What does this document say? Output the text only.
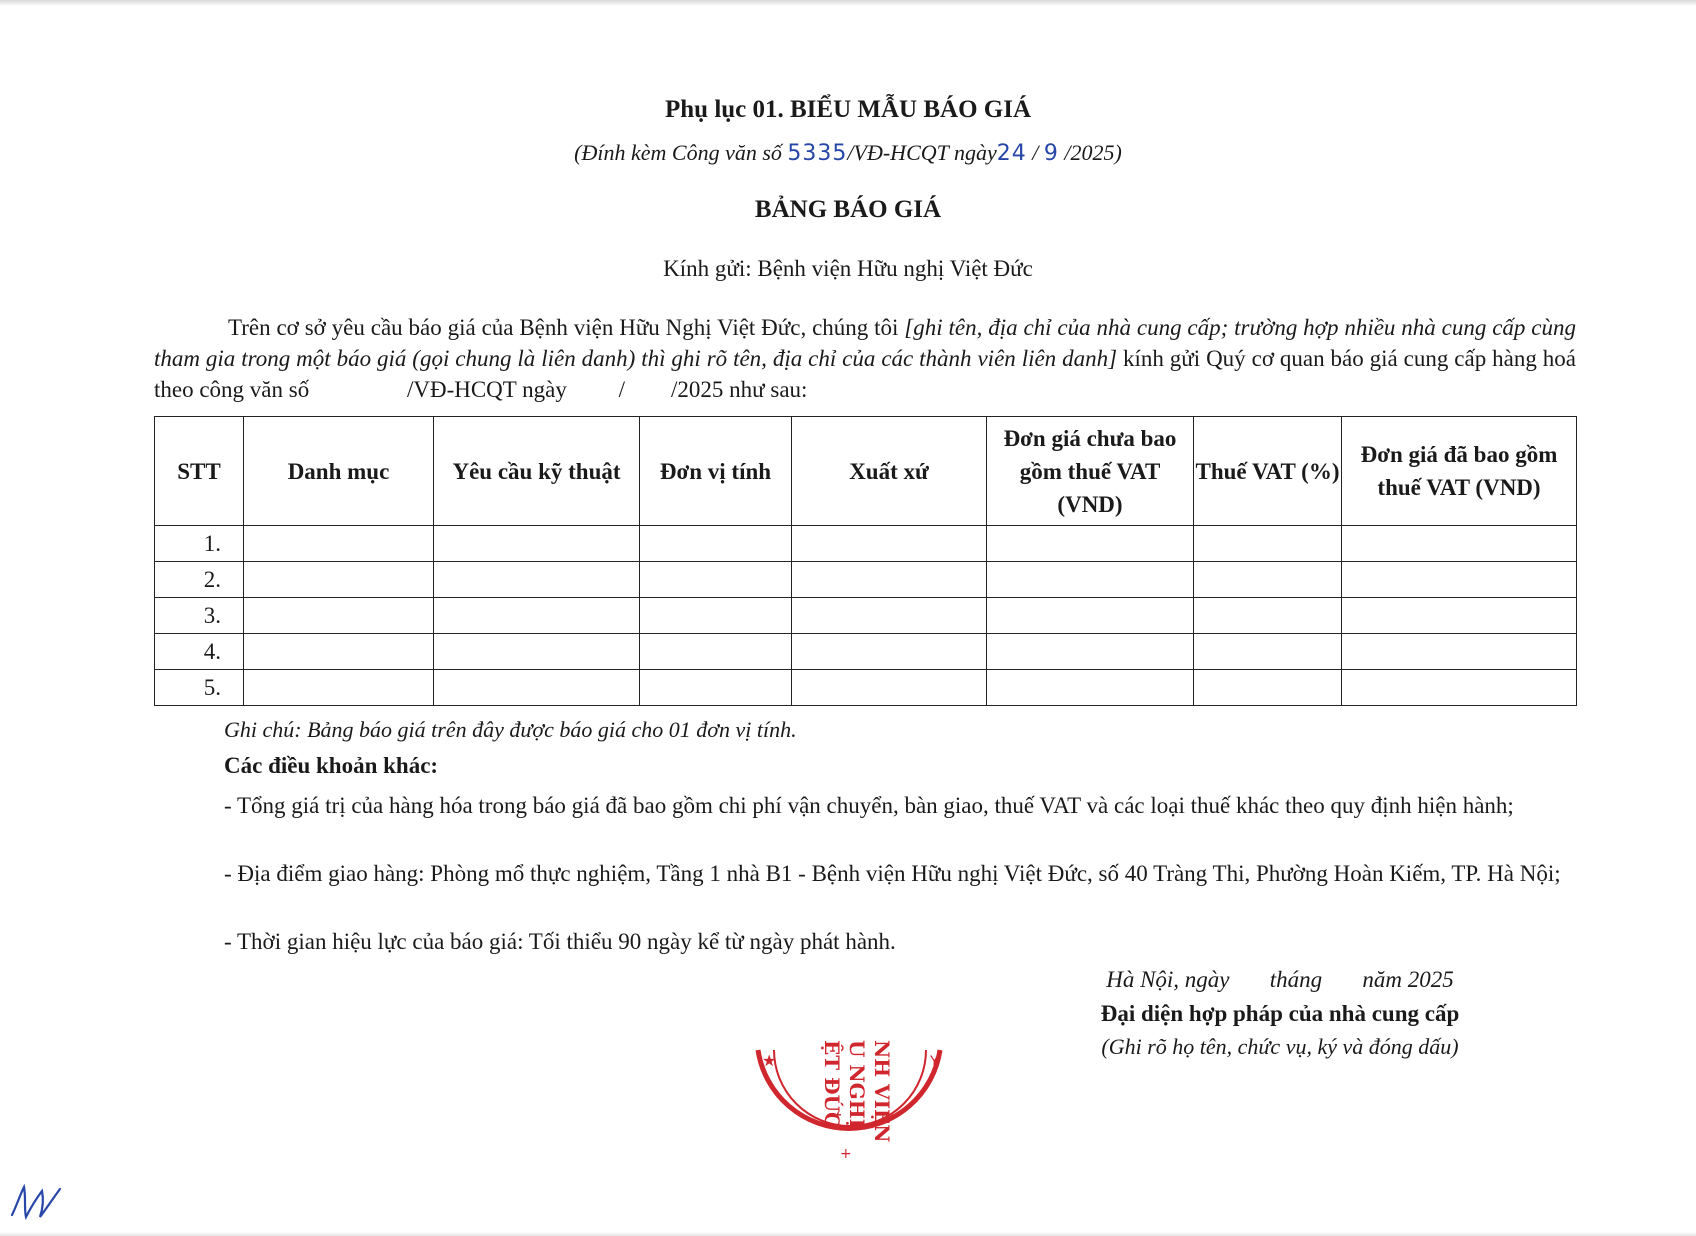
Phụ lục 01. BIỂU MẪU BÁO GIÁ
(Đính kèm Công văn số 5335/VĐ-HCQT ngày24 / 9 /2025)
BẢNG BÁO GIÁ
Kính gửi: Bệnh viện Hữu nghị Việt Đức

Trên cơ sở yêu cầu báo giá của Bệnh viện Hữu Nghị Việt Đức, chúng tôi [ghi tên, địa chỉ của nhà cung cấp; trường hợp nhiều nhà cung cấp cùng tham gia trong một báo giá (gọi chung là liên danh) thì ghi rõ tên, địa chỉ của các thành viên liên danh] kính gửi Quý cơ quan báo giá cung cấp hàng hoá theo công văn số                 /VĐ-HCQT ngày         /        /2025 như sau:

STT	Danh mục	Yêu cầu kỹ thuật	Đơn vị tính	Xuất xứ	Đơn giá chưa bao gồm thuế VAT (VND)	Thuế VAT (%)	Đơn giá đã bao gồm thuế VAT (VND)
1.							
2.							
3.							
4.							
5.							
Ghi chú: Bảng báo giá trên đây được báo giá cho 01 đơn vị tính.
Các điều khoản khác:
- Tổng giá trị của hàng hóa trong báo giá đã bao gồm chi phí vận chuyển, bàn giao, thuế VAT và các loại thuế khác theo quy định hiện hành;
- Địa điểm giao hàng: Phòng mổ thực nghiệm, Tầng 1 nhà B1 - Bệnh viện Hữu nghị Việt Đức, số 40 Tràng Thi, Phường Hoàn Kiếm, TP. Hà Nội;
- Thời gian hiệu lực của báo giá: Tối thiểu 90 ngày kể từ ngày phát hành.
Hà Nội, ngày       tháng       năm 2025
Đại diện hợp pháp của nhà cung cấp
(Ghi rõ họ tên, chức vụ, ký và đóng dấu)
★	Y
+
NH VIỆN
U NGHỊ
ỆT ĐỨC
